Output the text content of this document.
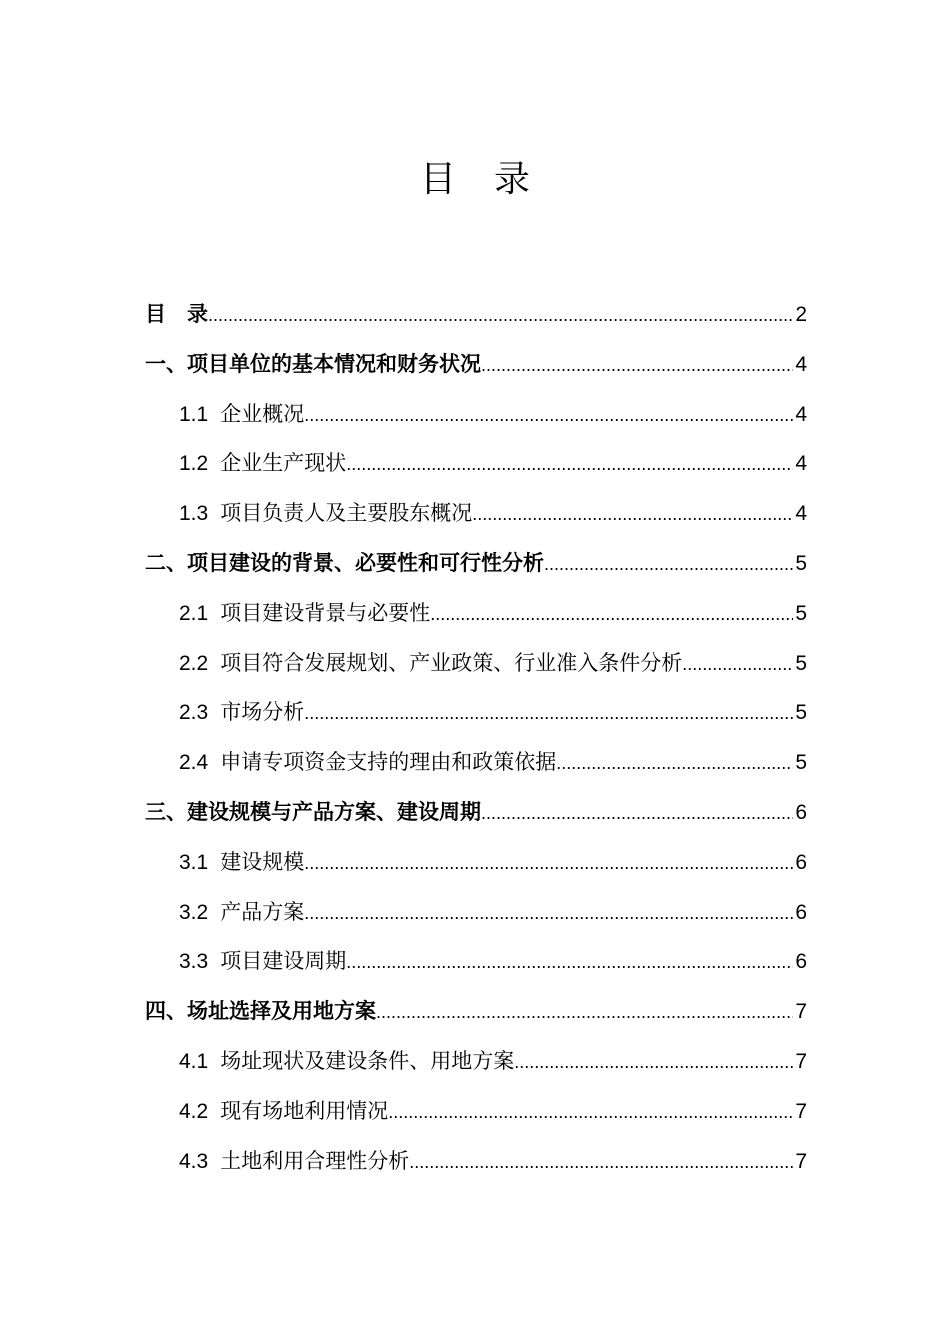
目录
目　录 .....	2
一、项目单位的基本情况和财务状况 .....	4
1.1 企业概况 .....	4
1.2 企业生产现状 .....	4
1.3 项目负责人及主要股东概况 .....	4
二、项目建设的背景、必要性和可行性分析 .....	5
2.1 项目建设背景与必要性 .....	5
2.2 项目符合发展规划、产业政策、行业准入条件分析 .....	5
2.3 市场分析 .....	5
2.4 申请专项资金支持的理由和政策依据 .....	5
三、建设规模与产品方案、建设周期 .....	6
3.1 建设规模 .....	6
3.2 产品方案 .....	6
3.3 项目建设周期 .....	6
四、场址选择及用地方案 .....	7
4.1 场址现状及建设条件、用地方案 .....	7
4.2 现有场地利用情况 .....	7
4.3 土地利用合理性分析 .....	7
